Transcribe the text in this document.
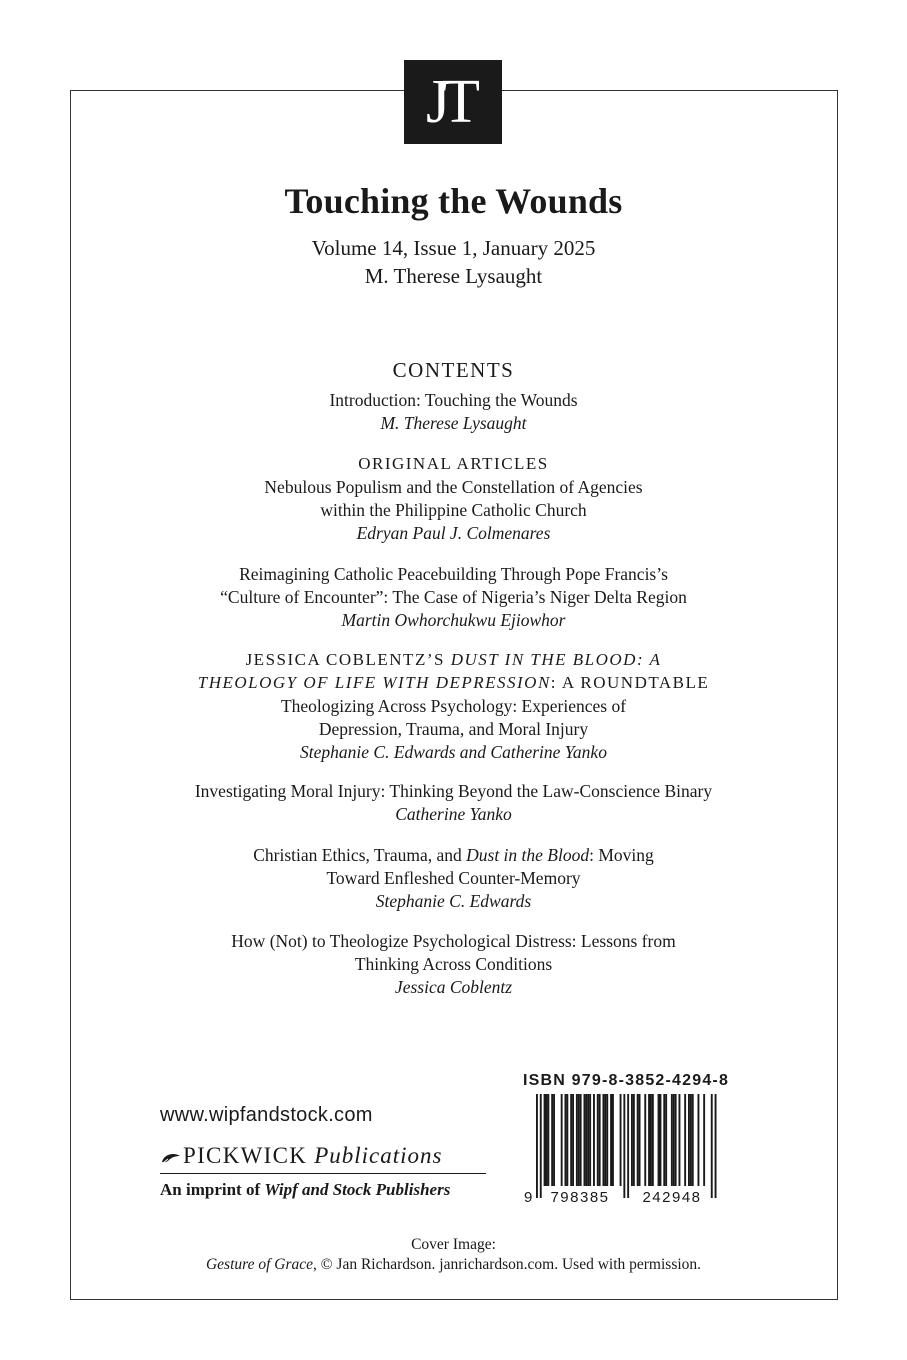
JT
Touching the Wounds
Volume 14, Issue 1, January 2025
M. Therese Lysaught
CONTENTS
Introduction: Touching the Wounds
M. Therese Lysaught
ORIGINAL ARTICLES
Nebulous Populism and the Constellation of Agencies
within the Philippine Catholic Church
Edryan Paul J. Colmenares
Reimagining Catholic Peacebuilding Through Pope Francis’s
“Culture of Encounter”: The Case of Nigeria’s Niger Delta Region
Martin Owhorchukwu Ejiowhor
JESSICA COBLENTZ’S DUST IN THE BLOOD: A
THEOLOGY OF LIFE WITH DEPRESSION: A ROUNDTABLE
Theologizing Across Psychology: Experiences of
Depression, Trauma, and Moral Injury
Stephanie C. Edwards and Catherine Yanko
Investigating Moral Injury: Thinking Beyond the Law-Conscience Binary
Catherine Yanko
Christian Ethics, Trauma, and Dust in the Blood: Moving
Toward Enfleshed Counter-Memory
Stephanie C. Edwards
How (Not) to Theologize Psychological Distress: Lessons from
Thinking Across Conditions
Jessica Coblentz
www.wipfandstock.com
PICKWICK Publications
An imprint of Wipf and Stock Publishers
ISBN 979-8-3852-4294-8
9 798385 242948
Cover Image:
Gesture of Grace, © Jan Richardson. janrichardson.com. Used with permission.
